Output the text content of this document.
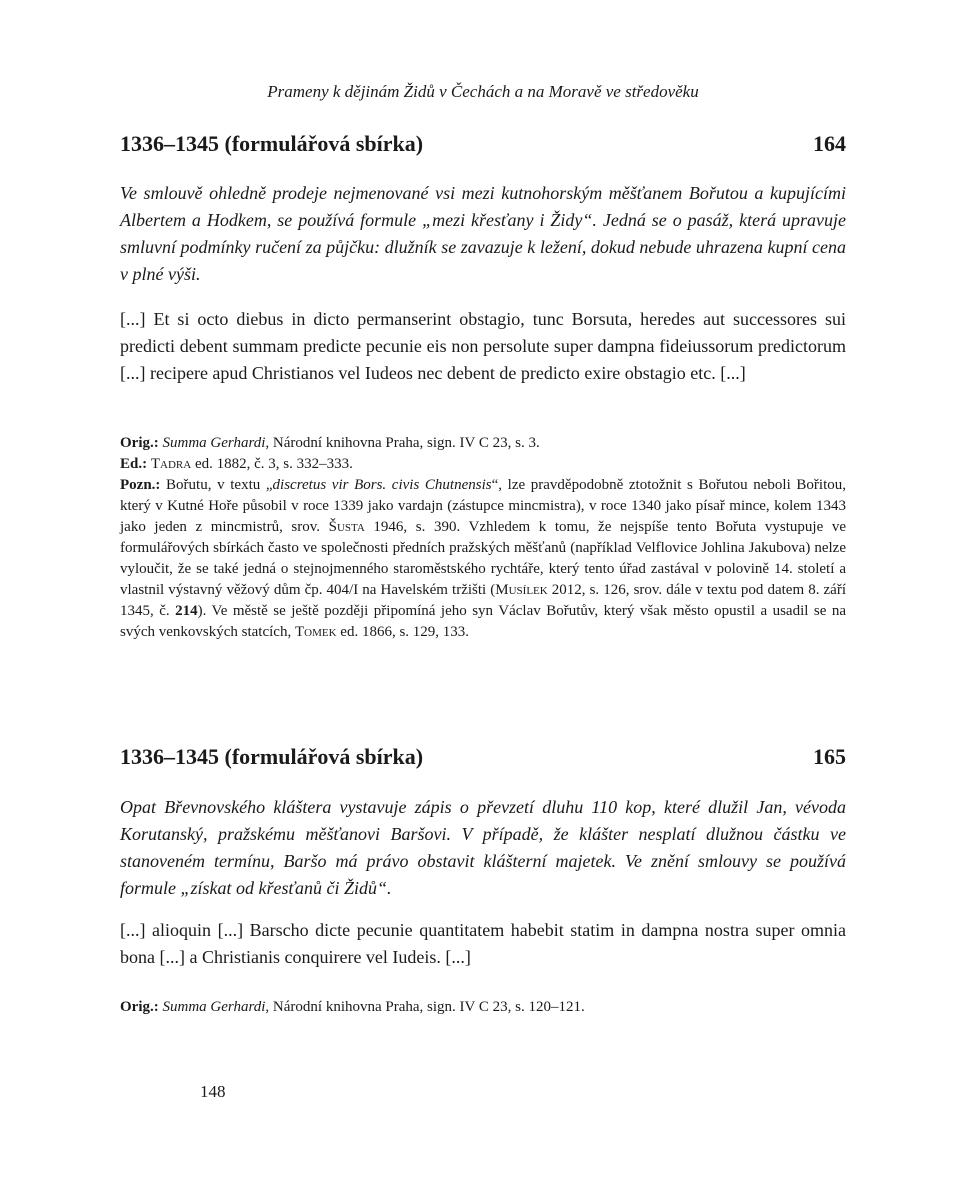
Prameny k dějinám Židů v Čechách a na Moravě ve středověku
1336–1345 (formulářová sbírka)	164

Ve smlouvě ohledně prodeje nejmenované vsi mezi kutnohorským měšťanem Bořutou a kupujícími Albertem a Hodkem, se používá formule „mezi křesťany i Židy“. Jedná se o pasáž, která upravuje smluvní podmínky ručení za půjčku: dlužník se zavazuje k ležení, dokud nebude uhrazena kupní cena v plné výši.

[...] Et si octo diebus in dicto permanserint obstagio, tunc Borsuta, heredes aut successores sui predicti debent summam predicte pecunie eis non persolute super dampna fideiussorum predictorum [...] recipere apud Christianos vel Iudeos nec debent de predicto exire obstagio etc. [...]

Orig.: Summa Gerhardi, Národní knihovna Praha, sign. IV C 23, s. 3.

Ed.: Tadra ed. 1882, č. 3, s. 332–333.

Pozn.: Bořutu, v textu „discretus vir Bors. civis Chutnensis“, lze pravděpodobně ztotožnit s Bořutou neboli Bořitou, který v Kutné Hoře působil v roce 1339 jako vardajn (zástupce mincmistra), v roce 1340 jako písař mince, kolem 1343 jako jeden z mincmistrů, srov. Šusta 1946, s. 390. Vzhledem k tomu, že nejspíše tento Bořuta vystupuje ve formulářových sbírkách často ve společnosti předních pražských měšťanů (například Velflovice Johlina Jakubova) nelze vyloučit, že se také jedná o stejnojmenného staroměstského rychtáře, který tento úřad zastával v polovině 14. století a vlastnil výstavný věžový dům čp. 404/I na Havelském tržišti (Musílek 2012, s. 126, srov. dále v textu pod datem 8. září 1345, č. 214). Ve městě se ještě později připomíná jeho syn Václav Bořutův, který však město opustil a usadil se na svých venkovských statcích, Tomek ed. 1866, s. 129, 133.

1336–1345 (formulářová sbírka)	165

Opat Břevnovského kláštera vystavuje zápis o převzetí dluhu 110 kop, které dlužil Jan, vévoda Korutanský, pražskému měšťanovi Baršovi. V případě, že klášter nesplatí dlužnou částku ve stanoveném termínu, Baršo má právo obstavit klášterní majetek. Ve znění smlouvy se používá formule „získat od křesťanů či Židů“.

[...] alioquin [...] Barscho dicte pecunie quantitatem habebit statim in dampna nostra super omnia bona [...] a Christianis conquirere vel Iudeis. [...]

Orig.: Summa Gerhardi, Národní knihovna Praha, sign. IV C 23, s. 120–121.

148
